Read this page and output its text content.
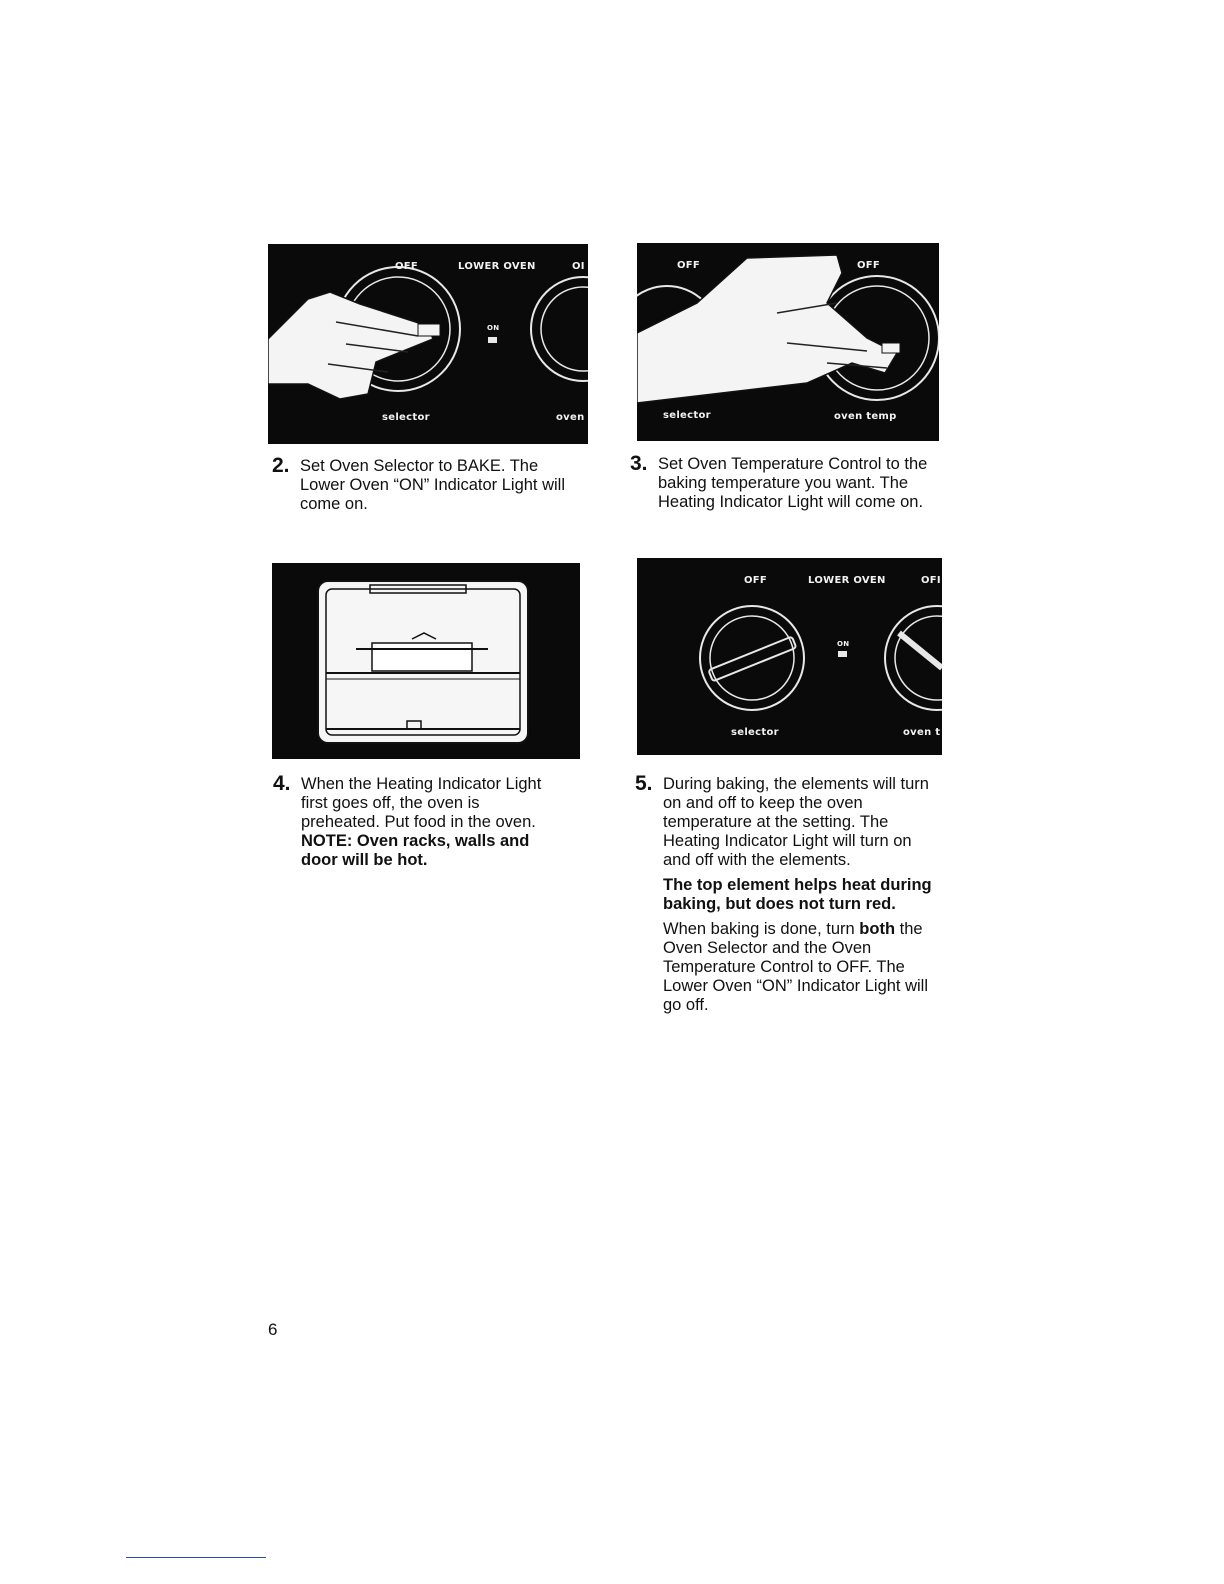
OFF	LOWER OVEN	OI
ON
selector	oven
OFF	OFF
selector	oven temp
OFF	LOWER OVEN	OFI
ON
selector	oven t
2. Set Oven Selector to BAKE. The Lower Oven “ON” Indicator Light will come on.

3. Set Oven Temperature Control to the baking temperature you want. The Heating Indicator Light will come on.

4. When the Heating Indicator Light first goes off, the oven is preheated. Put food in the oven. NOTE: Oven racks, walls and door will be hot.

5. During baking, the elements will turn on and off to keep the oven temperature at the setting. The Heating Indicator Light will turn on and off with the elements.

The top element helps heat during baking, but does not turn red.

When baking is done, turn both the Oven Selector and the Oven Temperature Control to OFF. The Lower Oven “ON” Indicator Light will go off.

6
